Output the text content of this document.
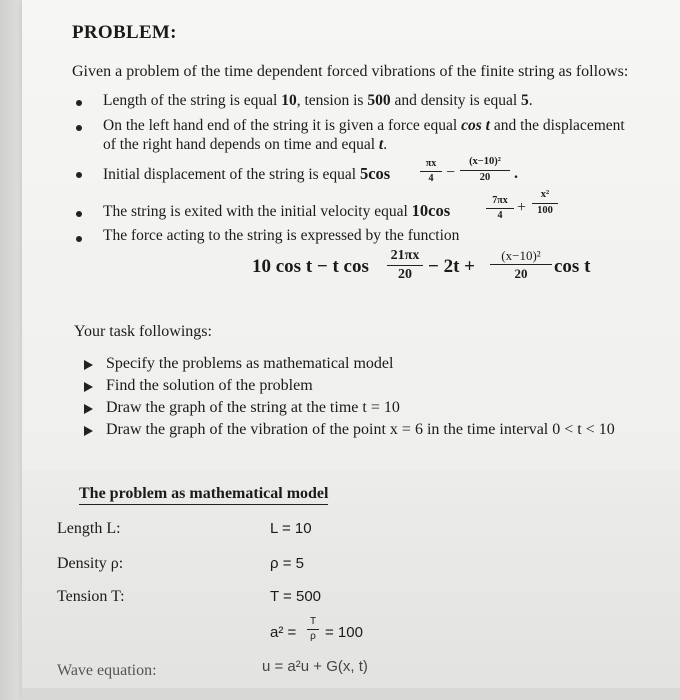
PROBLEM:
Given a problem of the time dependent forced vibrations of the finite string as follows:
Length of the string is equal 10, tension is 500 and density is equal 5.
On the left hand end of the string it is given a force equal cos t and the displacement
of the right hand depends on time and equal t.
Initial displacement of the string is equal 5cos
πx
4 −
(x−10)²
20	.
The string is exited with the initial velocity equal 10cos
7πx
4 +
x²
100
The force acting to the string is expressed by the function
10 cos t − t cos
21πx
20 − 2t +
(x−10)²
20	cos t
Your task followings:
Specify the problems as mathematical model
Find the solution of the problem
Draw the graph of the string at the time t = 10
Draw the graph of the vibration of the point x = 6 in the time interval 0 < t < 10
The problem as mathematical model
Length L:	L = 10
Density ρ:	ρ = 5
Tension T:	T = 500
a² =
T
ρ = 100
Wave equation:	u = a²u + G(x, t)
